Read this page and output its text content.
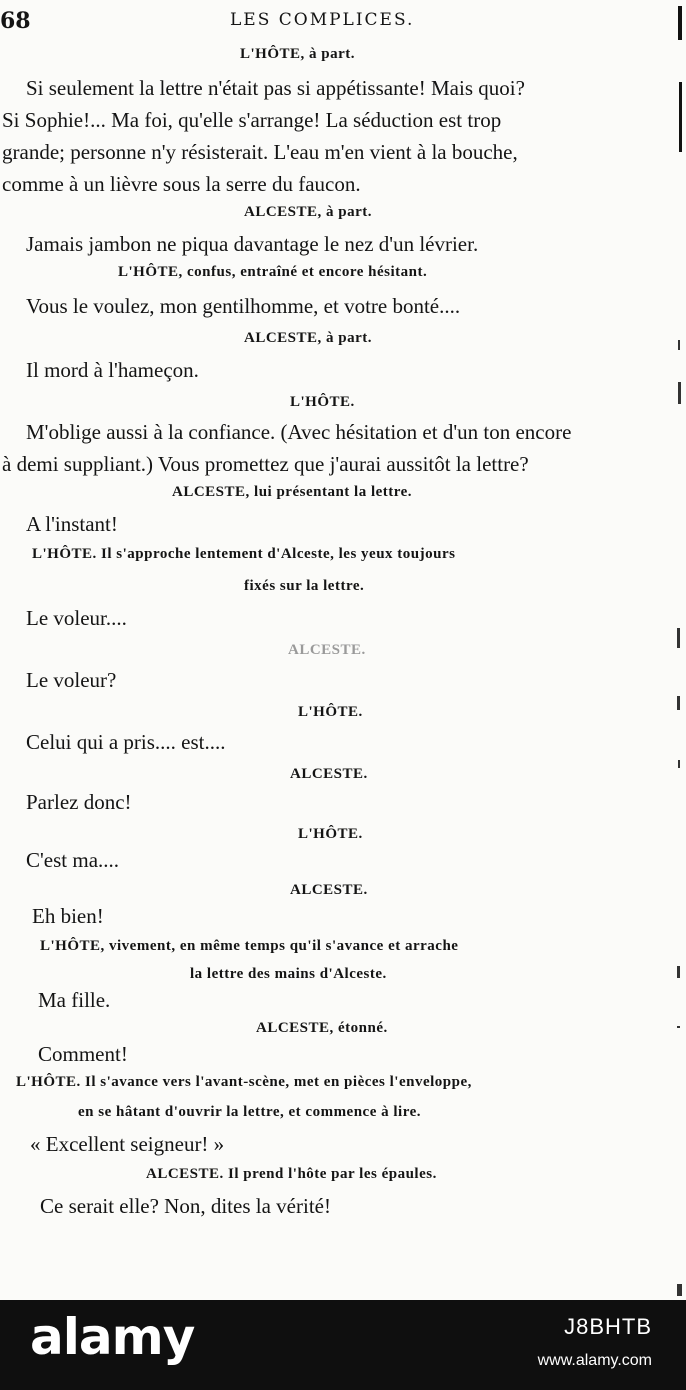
68	LES COMPLICES.
L'HÔTE, à part.
Si seulement la lettre n'était pas si appétissante! Mais quoi?
Si Sophie!... Ma foi, qu'elle s'arrange! La séduction est trop
grande; personne n'y résisterait. L'eau m'en vient à la bouche,
comme à un lièvre sous la serre du faucon.
ALCESTE, à part.
Jamais jambon ne piqua davantage le nez d'un lévrier.
L'HÔTE, confus, entraîné et encore hésitant.
Vous le voulez, mon gentilhomme, et votre bonté....
ALCESTE, à part.
Il mord à l'hameçon.
L'HÔTE.
M'oblige aussi à la confiance. (Avec hésitation et d'un ton encore
à demi suppliant.) Vous promettez que j'aurai aussitôt la lettre?
ALCESTE, lui présentant la lettre.
A l'instant!
L'HÔTE. Il s'approche lentement d'Alceste, les yeux toujours
fixés sur la lettre.
Le voleur....
ALCESTE.
Le voleur?
L'HÔTE.
Celui qui a pris.... est....
ALCESTE.
Parlez donc!
L'HÔTE.
C'est ma....
ALCESTE.
Eh bien!
L'HÔTE, vivement, en même temps qu'il s'avance et arrache
la lettre des mains d'Alceste.
Ma fille.
ALCESTE, étonné.
Comment!
L'HÔTE. Il s'avance vers l'avant-scène, met en pièces l'enveloppe,
en se hâtant d'ouvrir la lettre, et commence à lire.
« Excellent seigneur! »
ALCESTE. Il prend l'hôte par les épaules.
Ce serait elle? Non, dites la vérité!
alamy	J8BHTB
www.alamy.com
